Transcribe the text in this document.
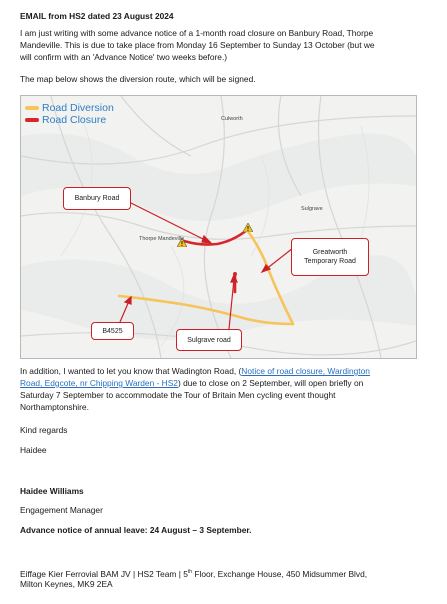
EMAIL from HS2 dated 23 August 2024

I am just writing with some advance notice of a 1-month road closure on Banbury Road, Thorpe

Mandeville. This is due to take place from Monday 16 September to Sunday 13 October (but we

will confirm with an 'Advance Notice' two weeks before.)

The map below shows the diversion route, which will be signed.

Culworth
Thorpe Mandeville
Sulgrave
Road Diversion
Road Closure
Banbury Road
Greatworth
Temporary Road
B4525
Sulgrave road

In addition, I wanted to let you know that Wadington Road, (Notice of road closure, Wardington

Road, Edgcote, nr Chipping Warden - HS2) due to close on 2 September, will open briefly on

Saturday 7 September to accommodate the Tour of Britain Men cycling event thought

Northamptonshire.

Kind regards

Haidee

Haidee Williams

Engagement Manager

Advance notice of annual leave: 24 August – 3 September.

Eiffage Kier Ferrovial BAM JV | HS2 Team | 5th Floor, Exchange House, 450 Midsummer Blvd,

Milton Keynes, MK9 2EA
